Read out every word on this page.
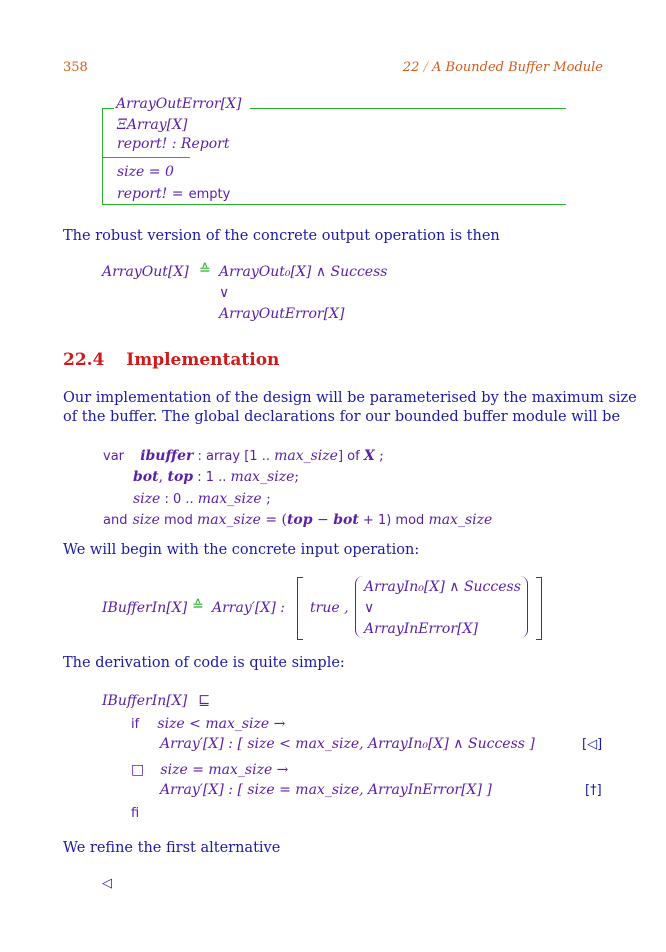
358	22 / A Bounded Buffer Module
ArrayOutError[X]
ΞArray[X]
report! : Report
size = 0
report! = empty
The robust version of the concrete output operation is then
ArrayOut[X] ≙ ArrayOut₀[X] ∧ Success
∨
ArrayOutError[X]
22.4 Implementation
Our implementation of the design will be parameterised by the maximum size
of the buffer. The global declarations for our bounded buffer module will be
var ibuffer : array [1 .. max_size] of X ;
bot, top : 1 .. max_size;
size : 0 .. max_size ;
and size mod max_size = (top − bot + 1) mod max_size
We will begin with the concrete input operation:
IBufferIn[X] ≙ Array′[X] : true ,
ArrayIn₀[X] ∧ Success
∨
ArrayInError[X]
The derivation of code is quite simple:
IBufferIn[X] ⊑
if size < max_size →
Array′[X] : [ size < max_size, ArrayIn₀[X] ∧ Success ]	[◁]
□ size = max_size →
Array′[X] : [ size = max_size, ArrayInError[X] ]	[†]
fi
We refine the first alternative
◁
